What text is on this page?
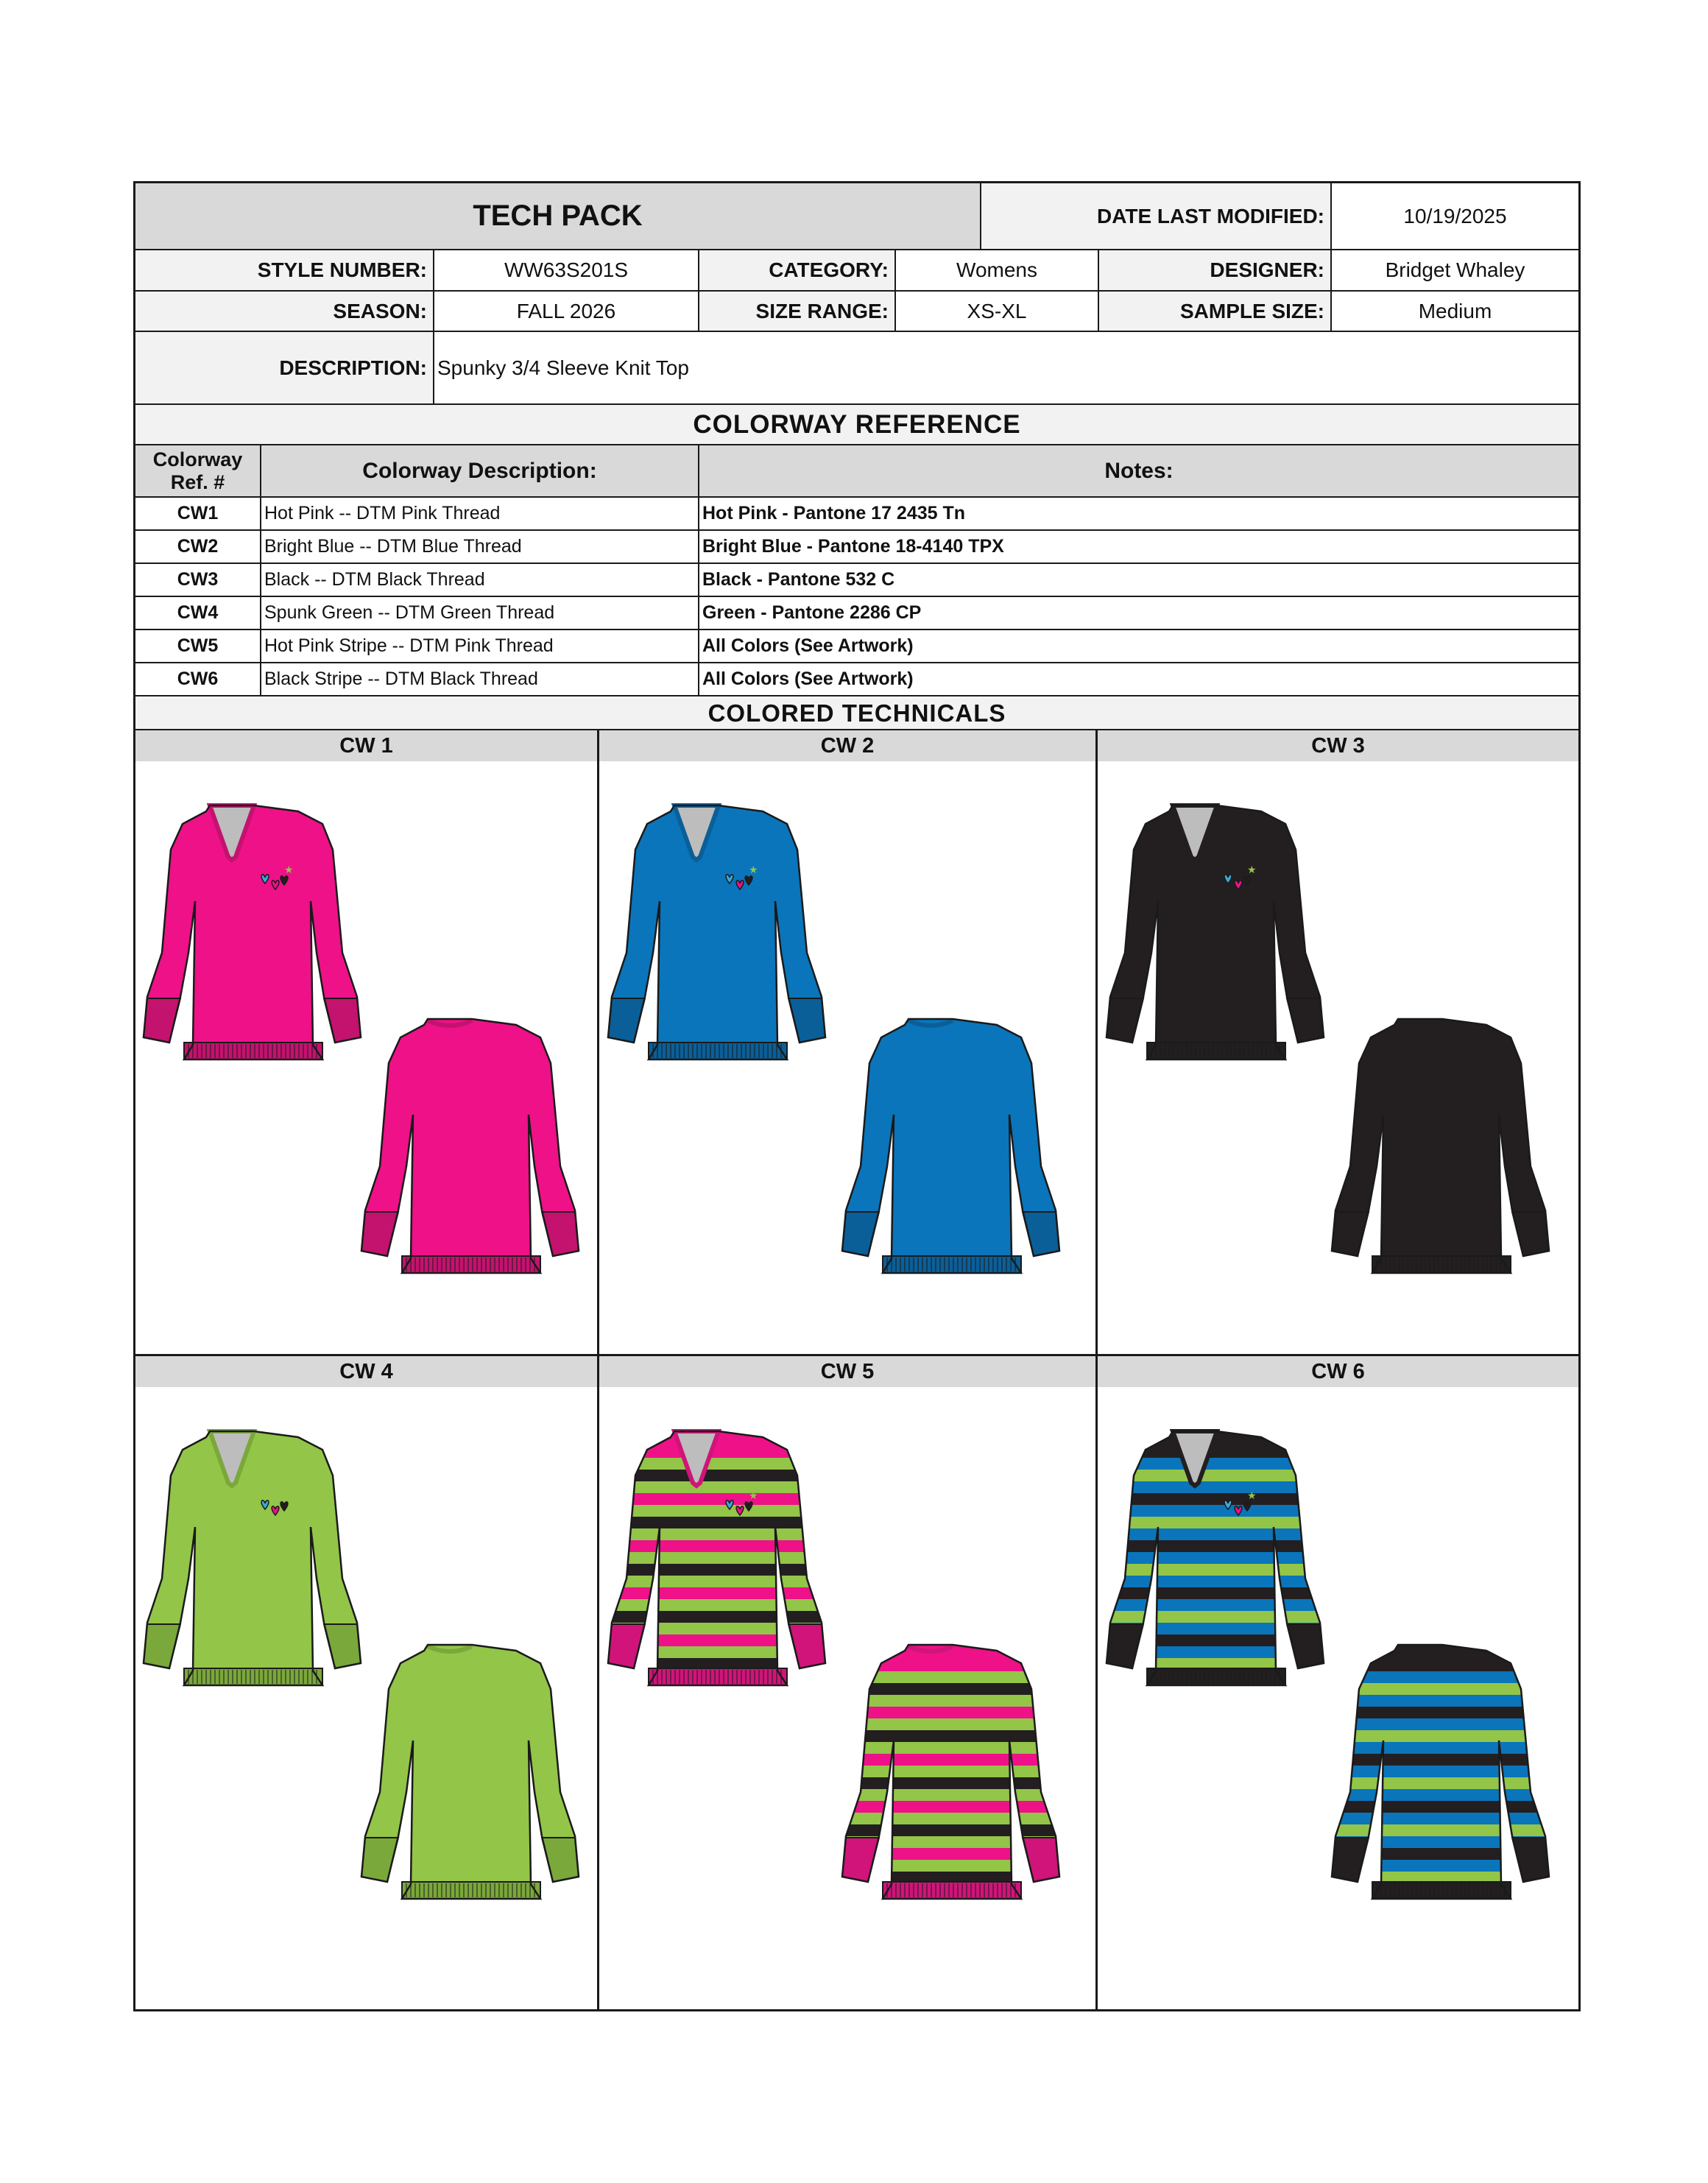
TECH PACK	DATE LAST MODIFIED:	10/19/2025
STYLE NUMBER:	WW63S201S	CATEGORY:	Womens	DESIGNER:	Bridget Whaley
SEASON:	FALL 2026	SIZE RANGE:	XS-XL	SAMPLE SIZE:	Medium
DESCRIPTION: Spunky 3/4 Sleeve Knit Top
COLORWAY REFERENCE
Colorway Ref. #	Colorway Description:	Notes:
CW1	Hot Pink -- DTM Pink Thread	Hot Pink - Pantone 17 2435 Tn
CW2	Bright Blue -- DTM Blue Thread	Bright Blue - Pantone 18-4140 TPX
CW3	Black -- DTM Black Thread	Black - Pantone 532 C
CW4	Spunk Green -- DTM Green Thread	Green - Pantone 2286 CP
CW5	Hot Pink Stripe -- DTM Pink Thread	All Colors (See Artwork)
CW6	Black Stripe -- DTM Black Thread	All Colors (See Artwork)
COLORED TECHNICALS
CW 1
★
CW 2
★
CW 3
★
CW 4
★
CW 5
★
CW 6
★
